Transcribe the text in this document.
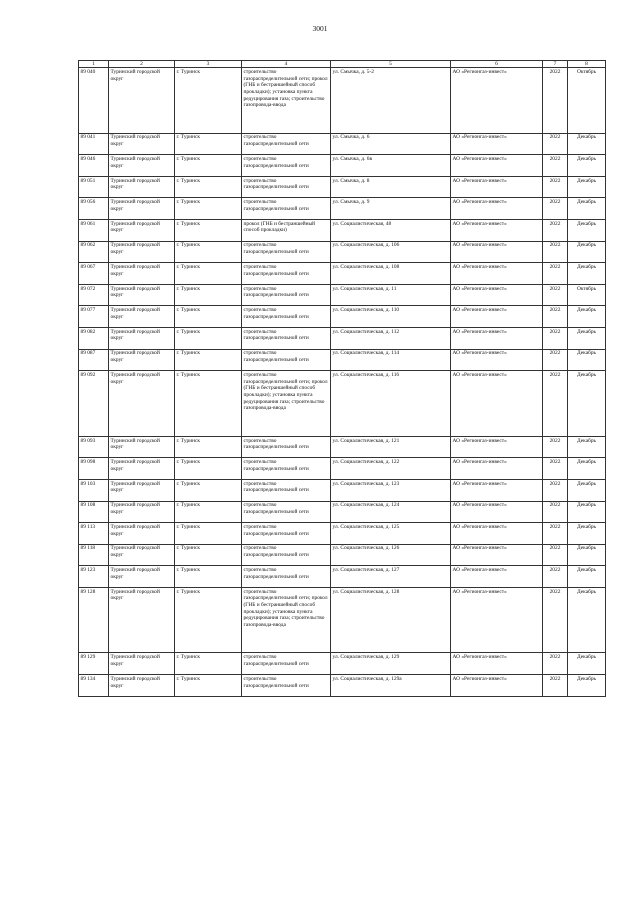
3001
1	2	3	4	5	6	7	8
89 040	Туринский городской округ	г. Туринск	строительство газораспределительной сети; прокол (ГНБ и бестраншейный способ прокладки); установка пункта редуцирования газа; строительство газопровода-ввода	ул. Смычка, д. 5-2	АО «Регионгаз-инвест»	2022	Октябрь
89 041	Туринский городской округ	г. Туринск	строительство газораспределительной сети	ул. Смычка, д. 6	АО «Регионгаз-инвест»	2022	Декабрь
89 046	Туринский городской округ	г. Туринск	строительство газораспределительной сети	ул. Смычка, д. 6в	АО «Регионгаз-инвест»	2022	Декабрь
89 051	Туринский городской округ	г. Туринск	строительство газораспределительной сети	ул. Смычка, д. 8	АО «Регионгаз-инвест»	2022	Декабрь
89 056	Туринский городской округ	г. Туринск	строительство газораспределительной сети	ул. Смычка, д. 9	АО «Регионгаз-инвест»	2022	Декабрь
89 061	Туринский городской округ	г. Туринск	прокол (ГНБ и бестраншейный способ прокладки)	ул. Социалистическая, 48	АО «Регионгаз-инвест»	2022	Декабрь
89 062	Туринский городской округ	г. Туринск	строительство газораспределительной сети	ул. Социалистическая, д. 106	АО «Регионгаз-инвест»	2022	Декабрь
89 067	Туринский городской округ	г. Туринск	строительство газораспределительной сети	ул. Социалистическая, д. 108	АО «Регионгаз-инвест»	2022	Декабрь
89 072	Туринский городской округ	г. Туринск	строительство газораспределительной сети	ул. Социалистическая, д. 11	АО «Регионгаз-инвест»	2022	Октябрь
89 077	Туринский городской округ	г. Туринск	строительство газораспределительной сети	ул. Социалистическая, д. 110	АО «Регионгаз-инвест»	2022	Декабрь
89 082	Туринский городской округ	г. Туринск	строительство газораспределительной сети	ул. Социалистическая, д. 112	АО «Регионгаз-инвест»	2022	Декабрь
89 087	Туринский городской округ	г. Туринск	строительство газораспределительной сети	ул. Социалистическая, д. 114	АО «Регионгаз-инвест»	2022	Декабрь
89 092	Туринский городской округ	г. Туринск	строительство газораспределительной сети; прокол (ГНБ и бестраншейный способ прокладки); установка пункта редуцирования газа; строительство газопровода-ввода	ул. Социалистическая, д. 116	АО «Регионгаз-инвест»	2022	Декабрь
89 093	Туринский городской округ	г. Туринск	строительство газораспределительной сети	ул. Социалистическая, д. 121	АО «Регионгаз-инвест»	2022	Декабрь
89 098	Туринский городской округ	г. Туринск	строительство газораспределительной сети	ул. Социалистическая, д. 122	АО «Регионгаз-инвест»	2022	Декабрь
89 103	Туринский городской округ	г. Туринск	строительство газораспределительной сети	ул. Социалистическая, д. 123	АО «Регионгаз-инвест»	2022	Декабрь
89 108	Туринский городской округ	г. Туринск	строительство газораспределительной сети	ул. Социалистическая, д. 124	АО «Регионгаз-инвест»	2022	Декабрь
89 113	Туринский городской округ	г. Туринск	строительство газораспределительной сети	ул. Социалистическая, д. 125	АО «Регионгаз-инвест»	2022	Декабрь
89 118	Туринский городской округ	г. Туринск	строительство газораспределительной сети	ул. Социалистическая, д. 126	АО «Регионгаз-инвест»	2022	Декабрь
89 123	Туринский городской округ	г. Туринск	строительство газораспределительной сети	ул. Социалистическая, д. 127	АО «Регионгаз-инвест»	2022	Декабрь
89 128	Туринский городской округ	г. Туринск	строительство газораспределительной сети; прокол (ГНБ и бестраншейный способ прокладки); установка пункта редуцирования газа; строительство газопровода-ввода	ул. Социалистическая, д. 128	АО «Регионгаз-инвест»	2022	Декабрь
89 129	Туринский городской округ	г. Туринск	строительство газораспределительной сети	ул. Социалистическая, д. 129	АО «Регионгаз-инвест»	2022	Декабрь
89 134	Туринский городской округ	г. Туринск	строительство газораспределительной сети	ул. Социалистическая, д. 129а	АО «Регионгаз-инвест»	2022	Декабрь
